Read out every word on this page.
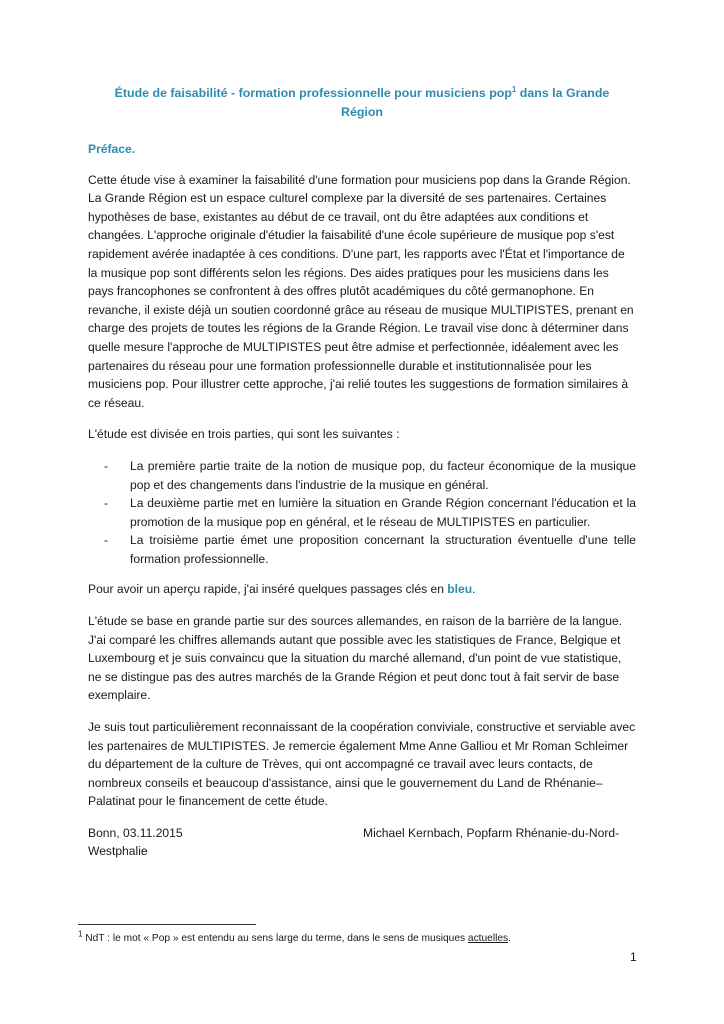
Étude de faisabilité - formation professionnelle pour musiciens pop$^1$ dans la Grande Région
Préface.

Cette étude vise à examiner la faisabilité d'une formation pour musiciens pop dans la Grande Région. La Grande Région est un espace culturel complexe par la diversité de ses partenaires. Certaines hypothèses de base, existantes au début de ce travail, ont du être adaptées aux conditions et changées. L'approche originale d'étudier la faisabilité d'une école supérieure de musique pop s'est rapidement avérée inadaptée à ces conditions. D'une part, les rapports avec l'État et l'importance de la musique pop sont différents selon les régions. Des aides pratiques pour les musiciens dans les pays francophones se confrontent à des offres plutôt académiques du côté germanophone. En revanche, il existe déjà un soutien coordonné grâce au réseau de musique MULTIPISTES, prenant en charge des projets de toutes les régions de la Grande Région. Le travail vise donc à déterminer dans quelle mesure l'approche de MULTIPISTES peut être admise et perfectionnée, idéalement avec les partenaires du réseau pour une formation professionnelle durable et institutionnalisée pour les musiciens pop. Pour illustrer cette approche, j'ai relié toutes les suggestions de formation similaires à ce réseau.

L'étude est divisée en trois parties, qui sont les suivantes :

- La première partie traite de la notion de musique pop, du facteur économique de la musique pop et des changements dans l'industrie de la musique en général.
- La deuxième partie met en lumière la situation en Grande Région concernant l'éducation et la promotion de la musique pop en général, et le réseau de MULTIPISTES en particulier.
- La troisième partie émet une proposition concernant la structuration éventuelle d'une telle formation professionnelle.

Pour avoir un aperçu rapide, j'ai inséré quelques passages clés en bleu.

L'étude se base en grande partie sur des sources allemandes, en raison de la barrière de la langue. J'ai comparé les chiffres allemands autant que possible avec les statistiques de France, Belgique et Luxembourg et je suis convaincu que la situation du marché allemand, d'un point de vue statistique, ne se distingue pas des autres marchés de la Grande Région et peut donc tout à fait servir de base exemplaire.

Je suis tout particulièrement reconnaissant de la coopération conviviale, constructive et serviable avec les partenaires de MULTIPISTES. Je remercie également Mme Anne Galliou et Mr Roman Schleimer du département de la culture de Trèves, qui ont accompagné ce travail avec leurs contacts, de nombreux conseils et beaucoup d'assistance, ainsi que le gouvernement du Land de Rhénanie–Palatinat pour le financement de cette étude.

Bonn, 03.11.2015	Michael Kernbach, Popfarm Rhénanie-du-Nord-
Westphalie
$^1$ NdT : le mot « Pop » est entendu au sens large du terme, dans le sens de musiques actuelles.
1
